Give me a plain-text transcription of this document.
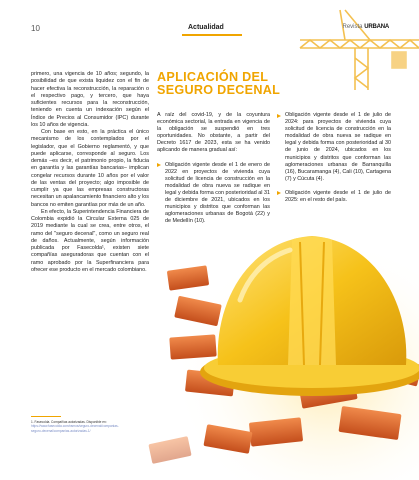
10	Actualidad	Revista URBANA

primero, una vigencia de 10 años; segundo, la posibilidad de que exista liquidez con el fin de hacer efectiva la reconstrucción, la reparación o el respectivo pago, y tercero, que haya suficientes recursos para la reconstrucción, teniendo en cuenta un indexación según el Índice de Precios al Consumidor (IPC) durante los 10 años de vigencia.

Con base en esto, en la práctica el único mecanismo de los contemplados por el legislador, que el Gobierno reglamentó, y que puede aplicarse, corresponde al seguro. Los demás –es decir, el patrimonio propio, la fiducia en garantía y las garantías bancarias– implican congelar recursos durante 10 años por el valor de las ventas del proyecto; algo imposible de cumplir ya que las empresas constructoras necesitan un apalancamiento financiero alto y los bancos no emiten garantías por más de un año.

En efecto, la Superintendencia Financiera de Colombia expidió la Circular Externa 025 de 2019 mediante la cual se crea, entre otros, el ramo del "seguro decenal", como un seguro real de daños. Actualmente, según información publicada por Fasecolda¹, existen siete compañías aseguradoras que cuentan con el ramo aprobado por la Superfinanciera para ofrecer ese producto en el mercado colombiano.

1. Fasecolda. Compañías autorizadas. Disponible en: https://www.fasecolda.com/ramos/seguro-decenal/companias-seguro-decenal/companias-autorizadas-1/
APLICACIÓN DEL
SEGURO DECENAL

A raíz del covid-19, y de la coyuntura económica sectorial, la entrada en vigencia de la obligación se suspendió en tres oportunidades. No obstante, a partir del Decreto 1617 de 2023, esta se ha venido aplicando de manera gradual así:

Obligación vigente desde el 1 de enero de 2022 en proyectos de vivienda cuya solicitud de licencia de construcción en la modalidad de obra nueva se radique en legal y debida forma con posterioridad al 31 de diciembre de 2021, ubicados en los municipios y distritos que conforman las aglomeraciones urbanas de Bogotá (22) y de Medellín (10).

Obligación vigente desde el 1 de julio de 2024: para proyectos de vivienda cuya solicitud de licencia de construcción en la modalidad de obra nueva se radique en legal y debida forma con posterioridad al 30 de junio de 2024, ubicados en los municipios y distritos que conforman las aglomeraciones urbanas de Barranquilla (16), Bucaramanga (4), Cali (10), Cartagena (7) y Cúcuta (4).

Obligación vigente desde el 1 de julio de 2025: en el resto del país.
